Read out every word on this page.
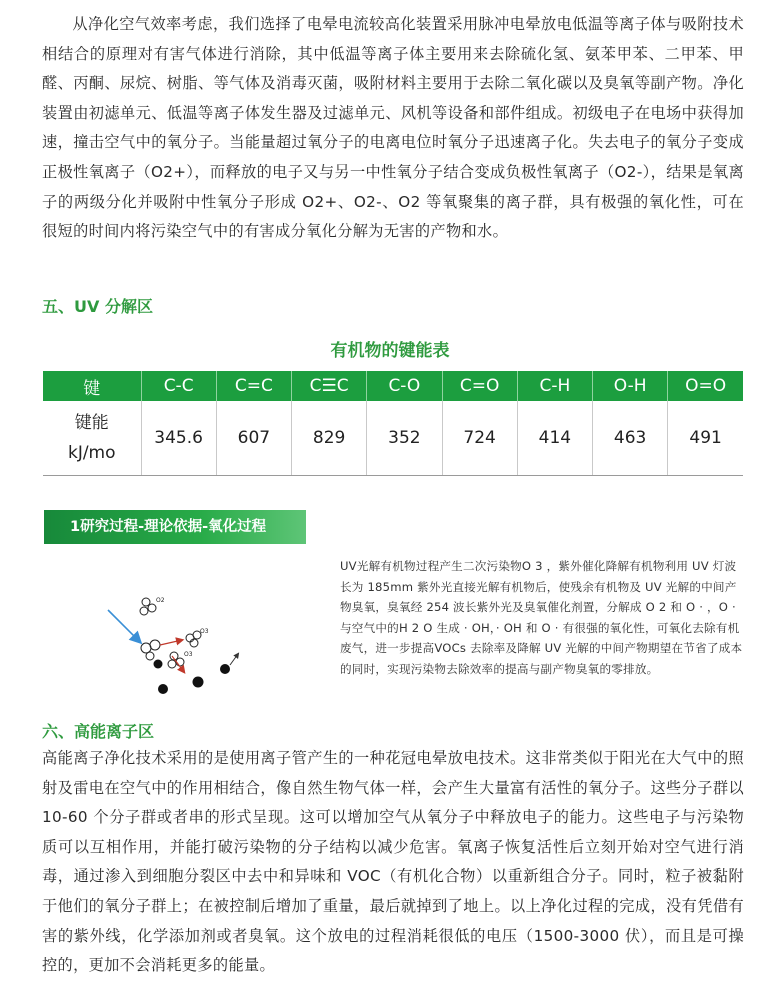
从净化空气效率考虑，我们选择了电晕电流较高化装置采用脉冲电晕放电低温等离子体与吸附技术相结合的原理对有害气体进行消除，其中低温等离子体主要用来去除硫化氢、氨苯甲苯、二甲苯、甲醛、丙酮、尿烷、树脂、等气体及消毒灭菌，吸附材料主要用于去除二氧化碳以及臭氧等副产物。净化装置由初滤单元、低温等离子体发生器及过滤单元、风机等设备和部件组成。初级电子在电场中获得加速，撞击空气中的氧分子。当能量超过氧分子的电离电位时氧分子迅速离子化。失去电子的氧分子变成正极性氧离子（O2+），而释放的电子又与另一中性氧分子结合变成负极性氧离子（O2-），结果是氧离子的两级分化并吸附中性氧分子形成 O2+、O2-、O2 等氧聚集的离子群，具有极强的氧化性，可在很短的时间内将污染空气中的有害成分氧化分解为无害的产物和水。

五、UV 分解区
有机物的键能表
键	C-C	C=C	C☰C	C-O	C=O	C-H	O-H	O=O
键能
kJ/mo	345.6	607	829	352	724	414	463	491
1研究过程-理论依据-氧化过程
O2
O3
O3

UV光解有机物过程产生二次污染物O 3 ，紫外催化降解有机物利用 UV 灯波长为 185mm 紫外光直接光解有机物后，使残余有机物及 UV 光解的中间产物臭氧，臭氧经 254 波长紫外光及臭氧催化剂置，分解成 O 2 和 O · ，O · 与空气中的H 2 O 生成 · OH，· OH 和 O · 有很强的氧化性，可氧化去除有机废气，进一步提高VOCs 去除率及降解 UV 光解的中间产物期望在节省了成本的同时，实现污染物去除效率的提高与副产物臭氧的零排放。

六、高能离子区

高能离子净化技术采用的是使用离子管产生的一种花冠电晕放电技术。这非常类似于阳光在大气中的照射及雷电在空气中的作用相结合，像自然生物气体一样，会产生大量富有活性的氧分子。这些分子群以 10-60 个分子群或者串的形式呈现。这可以增加空气从氧分子中释放电子的能力。这些电子与污染物质可以互相作用，并能打破污染物的分子结构以减少危害。氧离子恢复活性后立刻开始对空气进行消毒，通过渗入到细胞分裂区中去中和异味和 VOC（有机化合物）以重新组合分子。同时，粒子被黏附于他们的氧分子群上；在被控制后增加了重量，最后就掉到了地上。以上净化过程的完成，没有凭借有害的紫外线，化学添加剂或者臭氧。这个放电的过程消耗很低的电压（1500-3000 伏），而且是可操控的，更加不会消耗更多的能量。
